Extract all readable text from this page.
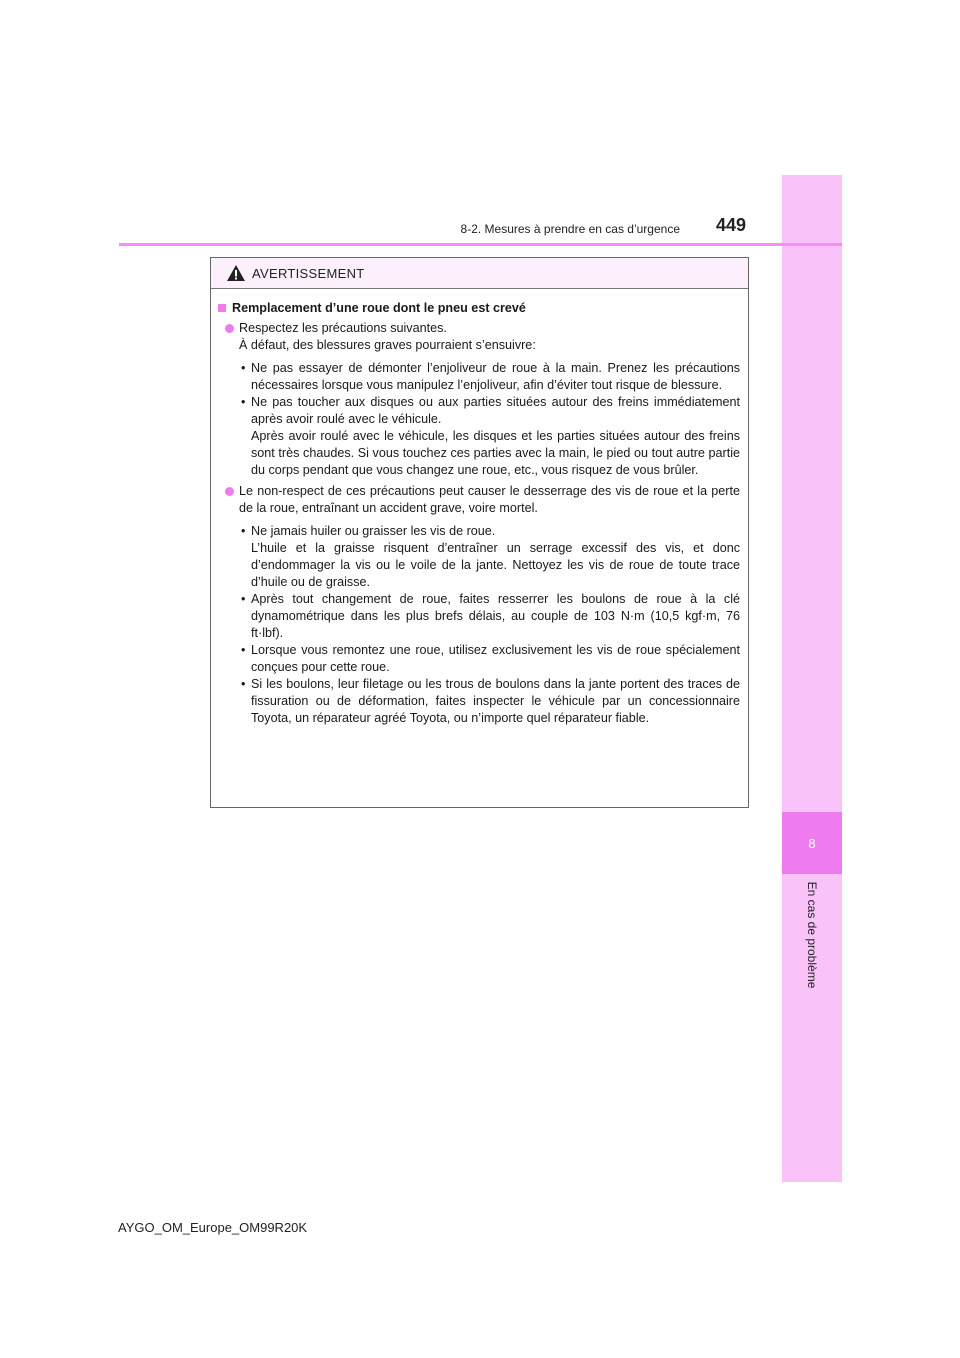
8
En cas de problème
8-2. Mesures à prendre en cas d’urgence 449
AVERTISSEMENT
Remplacement d’une roue dont le pneu est crevé

Respectez les précautions suivantes.

À défaut, des blessures graves pourraient s’ensuivre:

• Ne pas essayer de démonter l’enjoliveur de roue à la main. Prenez les précautions nécessaires lorsque vous manipulez l’enjoliveur, afin d’éviter tout risque de blessure.

• Ne pas toucher aux disques ou aux parties situées autour des freins immédiatement après avoir roulé avec le véhicule.

Après avoir roulé avec le véhicule, les disques et les parties situées autour des freins sont très chaudes. Si vous touchez ces parties avec la main, le pied ou tout autre partie du corps pendant que vous changez une roue, etc., vous risquez de vous brûler.

Le non-respect de ces précautions peut causer le desserrage des vis de roue et la perte de la roue, entraînant un accident grave, voire mortel.

• Ne jamais huiler ou graisser les vis de roue.

L’huile et la graisse risquent d’entraîner un serrage excessif des vis, et donc d’endommager la vis ou le voile de la jante. Nettoyez les vis de roue de toute trace d’huile ou de graisse.

• Après tout changement de roue, faites resserrer les boulons de roue à la clé dynamométrique dans les plus brefs délais, au couple de 103 N·m (10,5 kgf·m, 76 ft·lbf).

• Lorsque vous remontez une roue, utilisez exclusivement les vis de roue spécialement conçues pour cette roue.

• Si les boulons, leur filetage ou les trous de boulons dans la jante portent des traces de fissuration ou de déformation, faites inspecter le véhicule par un concessionnaire Toyota, un réparateur agréé Toyota, ou n’importe quel réparateur fiable.

AYGO_OM_Europe_OM99R20K
